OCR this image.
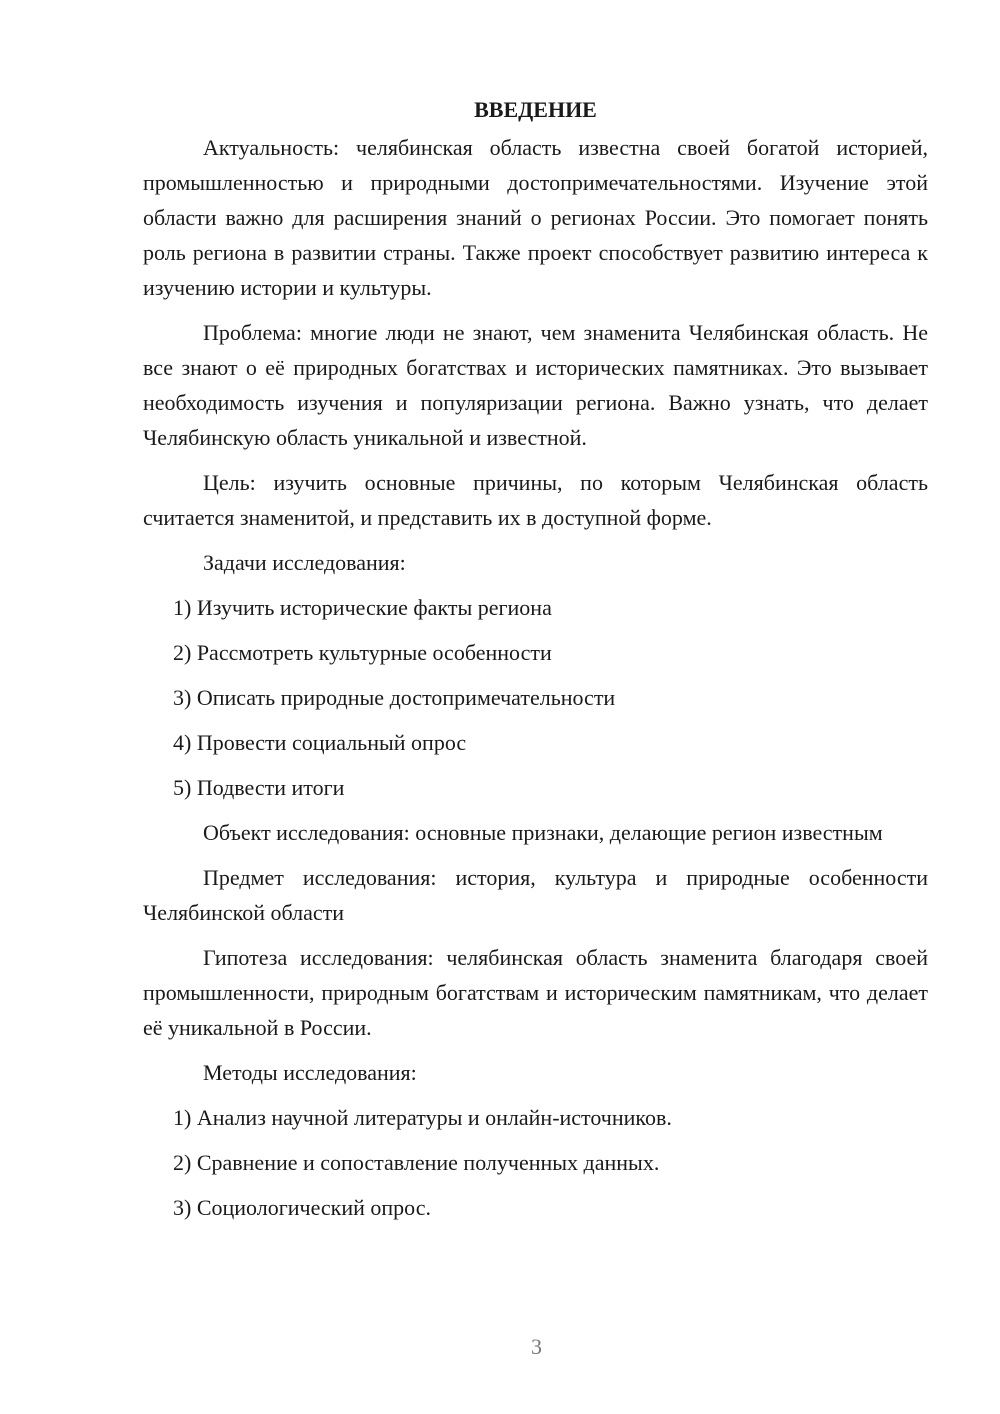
ВВЕДЕНИЕ

Актуальность: челябинская область известна своей богатой историей, промышленностью и природными достопримечательностями. Изучение этой области важно для расширения знаний о регионах России. Это помогает понять роль региона в развитии страны. Также проект способствует развитию интереса к изучению истории и культуры.

Проблема: многие люди не знают, чем знаменита Челябинская область. Не все знают о её природных богатствах и исторических памятниках. Это вызывает необходимость изучения и популяризации региона. Важно узнать, что делает Челябинскую область уникальной и известной.

Цель: изучить основные причины, по которым Челябинская область считается знаменитой, и представить их в доступной форме.

Задачи исследования:

1) Изучить исторические факты региона
2) Рассмотреть культурные особенности
3) Описать природные достопримечательности
4) Провести социальный опрос
5) Подвести итоги

Объект исследования: основные признаки, делающие регион известным

Предмет исследования: история, культура и природные особенности Челябинской области

Гипотеза исследования: челябинская область знаменита благодаря своей промышленности, природным богатствам и историческим памятникам, что делает её уникальной в России.

Методы исследования:

1) Анализ научной литературы и онлайн-источников.
2) Сравнение и сопоставление полученных данных.
3) Социологический опрос.
3
